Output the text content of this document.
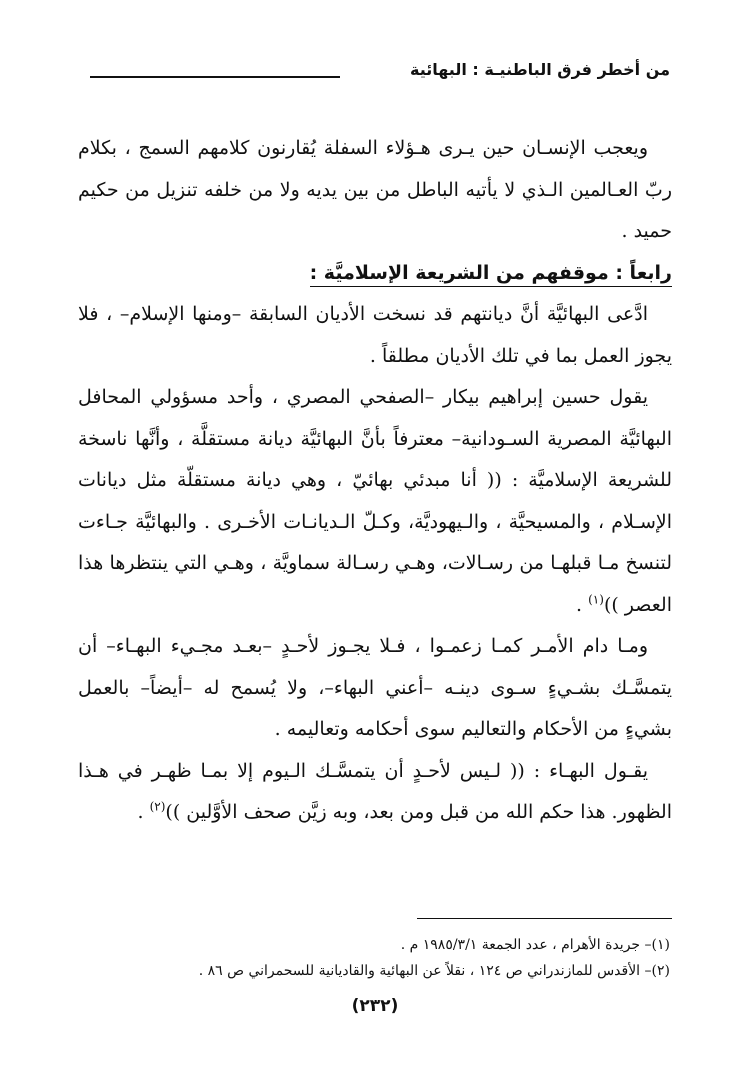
من أخطر فرق الباطنيـة : البهائية

ويعجب الإنسـان حين يـرى هـؤلاء السفلة يُقارنون كلامهم السمج ، بكلام ربّ العـالمين الـذي لا يأتيه الباطل من بين يديه ولا من خلفه تنزيل من حكيم حميد .

رابعاً : موقفهم من الشريعة الإسلاميَّة :

ادَّعى البهائيَّة أنَّ ديانتهم قد نسخت الأديان السابقة –ومنها الإسلام– ، فلا يجوز العمل بما في تلك الأديان مطلقاً .

يقول حسين إبراهيم بيكار –الصفحي المصري ، وأحد مسؤولي المحافل البهائيَّة المصرية السـودانية– معترفاً بأنَّ البهائيَّة ديانة مستقلَّة ، وأنَّها ناسخة للشريعة الإسلاميَّة : (( أنا مبدئي بهائيّ ، وهي ديانة مستقلّة مثل ديانات الإسـلام ، والمسيحيَّة ، والـيهوديَّة، وكـلّ الـديانـات الأخـرى . والبهائيَّة جـاءت لتنسخ مـا قبلهـا من رسـالات، وهـي رسـالة سماويَّة ، وهـي التي ينتظرها هذا العصر ))$^{(١)}$ .

ومـا دام الأمـر كمـا زعمـوا ، فـلا يجـوز لأحـدٍ –بعـد مجـيء البهـاء– أن يتمسَّـك بشـيءٍ سـوى دينـه –أعني البهاء–، ولا يُسمح له –أيضاً– بالعمل بشيءٍ من الأحكام والتعاليم سوى أحكامه وتعاليمه .

يقـول البهـاء : (( لـيس لأحـدٍ أن يتمسَّـك الـيوم إلا بمـا ظهـر في هـذا الظهور. هذا حكم الله من قبل ومن بعد، وبه زيَّن صحف الأوَّلين ))$^{(٢)}$ .

(١)– جريدة الأهرام ، عدد الجمعة ١٩٨٥/٣/١ م .

(٢)– الأقدس للمازندراني ص ١٢٤ ، نقلاً عن البهائية والقاديانية للسحمراني ص ٨٦ .

(٢٣٢)
